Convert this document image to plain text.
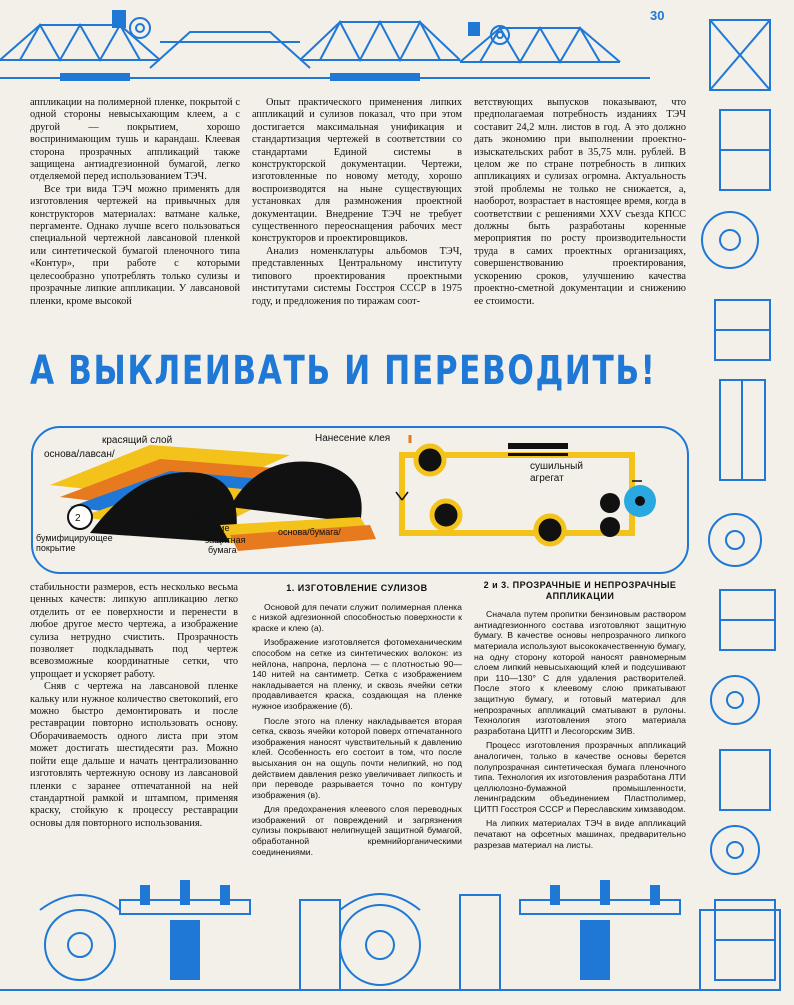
30

аппликации на полимерной пленке, покрытой с одной стороны невысыхающим клеем, а с другой — покрытием, хорошо воспринимающим тушь и карандаш. Клеевая сторона прозрачных аппликаций также защищена антиадгезионной бумагой, легко отделяемой перед использованием ТЭЧ.

Все три вида ТЭЧ можно применять для изготовления чертежей на привычных для конструкторов материалах: ватмане кальке, пергаменте. Однако лучше всего пользоваться специальной чертежной лавсановой пленкой или синтетической бумагой пленочного типа «Контур», при работе с которыми целесообразно употреблять только сулизы и прозрачные липкие аппликации. У лавсановой пленки, кроме высокой

Опыт практического применения липких аппликаций и сулизов показал, что при этом достигается максимальная унификация и стандартизация чертежей в соответствии со стандартами Единой системы в конструкторской документации. Чертежи, изготовленные по новому методу, хорошо воспроизводятся на ныне существующих установках для размножения проектной документации. Внедрение ТЭЧ не требует существенного переоснащения рабочих мест конструкторов и проектировщиков.

Анализ номенклатуры альбомов ТЭЧ, представленных Центральному институту типового проектирования проектными институтами системы Госстроя СССР в 1975 году, и предложения по тиражам соот-

ветствующих выпусков показывают, что предполагаемая потребность изданиях ТЭЧ составит 24,2 млн. листов в год. А это должно дать экономию при выполнении проектно-изыскательских работ в 35,75 млн. рублей. В целом же по стране потребность в липких аппликациях и сулизах огромна. Актуальность этой проблемы не только не снижается, а, наоборот, возрастает в настоящее время, когда в соответствии с решениями XXV съезда КПСС должны быть разработаны коренные мероприятия по росту производительности труда в самих проектных организациях, совершенствованию проектирования, ускорению сроков, улучшению качества проектно-сметной документации и снижению ее стоимости.

А ВЫКЛЕИВАТЬ И ПЕРЕВОДИТЬ!
2
красящий слой
основа/лавсан/
Нанесение клея
клей
покрытие
защитная
бумага
основа/бумага/
бумифицирующее
покрытие
сушильный
агрегат

стабильности размеров, есть несколько весьма ценных качеств: липкую аппликацию легко отделить от ее поверхности и перенести в любое другое место чертежа, а изображение сулиза нетрудно счистить. Прозрачность позволяет подкладывать под чертеж всевозможные координатные сетки, что упрощает и ускоряет работу.

Сняв с чертежа на лавсановой пленке кальку или нужное количество светокопий, его можно быстро демонтировать и после реставрации повторно использовать основу. Оборачиваемость одного листа при этом может достигать шестидесяти раз. Можно пойти еще дальше и начать централизованно изготовлять чертежную основу из лавсановой пленки с заранее отпечатанной на ней стандартной рамкой и штампом, применяя краску, стойкую к процессу реставрации основы для повторного использования.

1. ИЗГОТОВЛЕНИЕ СУЛИЗОВ

Основой для печати служит полимерная пленка с низкой адгезионной способностью поверхности к краске и клею (а).

Изображение изготовляется фотомеханическим способом на сетке из синтетических волокон: из нейлона, напрона, перлона — с плотностью 90—140 нитей на сантиметр. Сетка с изображением накладывается на пленку, и сквозь ячейки сетки продавливается краска, создающая на пленке нужное изображение (б).

После этого на пленку накладывается вторая сетка, сквозь ячейки которой поверх отпечатанного изображения наносят чувствительный к давлению клей. Особенность его состоит в том, что после высыхания он на ощупь почти нелипкий, но под действием давления резко увеличивает липкость и при переводе разрывается точно по контуру изображения (в).

Для предохранения клеевого слоя переводных изображений от повреждений и загрязнения сулизы покрывают нелипнущей защитной бумагой, обработанной кремнийорганическими соединениями.

2 и 3. ПРОЗРАЧНЫЕ И НЕПРОЗРАЧНЫЕ АППЛИКАЦИИ

Сначала путем пропитки бензиновым раствором антиадгезионного состава изготовляют защитную бумагу. В качестве основы непрозрачного липкого материала используют высококачественную бумагу, на одну сторону которой наносят равномерным слоем липкий невысыхающий клей и подсушивают при 110—130° С для удаления растворителей. После этого к клеевому слою прикатывают защитную бумагу, и готовый материал для непрозрачных аппликаций сматывают в рулоны. Технология изготовления этого материала разработана ЦИТП и Лесогорским ЗИВ.

Процесс изготовления прозрачных аппликаций аналогичен, только в качестве основы берется полупрозрачная синтетическая бумага пленочного типа. Технология их изготовления разработана ЛТИ целлюлозно-бумажной промышленности, ленинградским объединением Пластполимер, ЦИТП Госстроя СССР и Переславским химзаводом.

На липких материалах ТЭЧ в виде аппликаций печатают на офсетных машинах, предварительно разрезав материал на листы.
